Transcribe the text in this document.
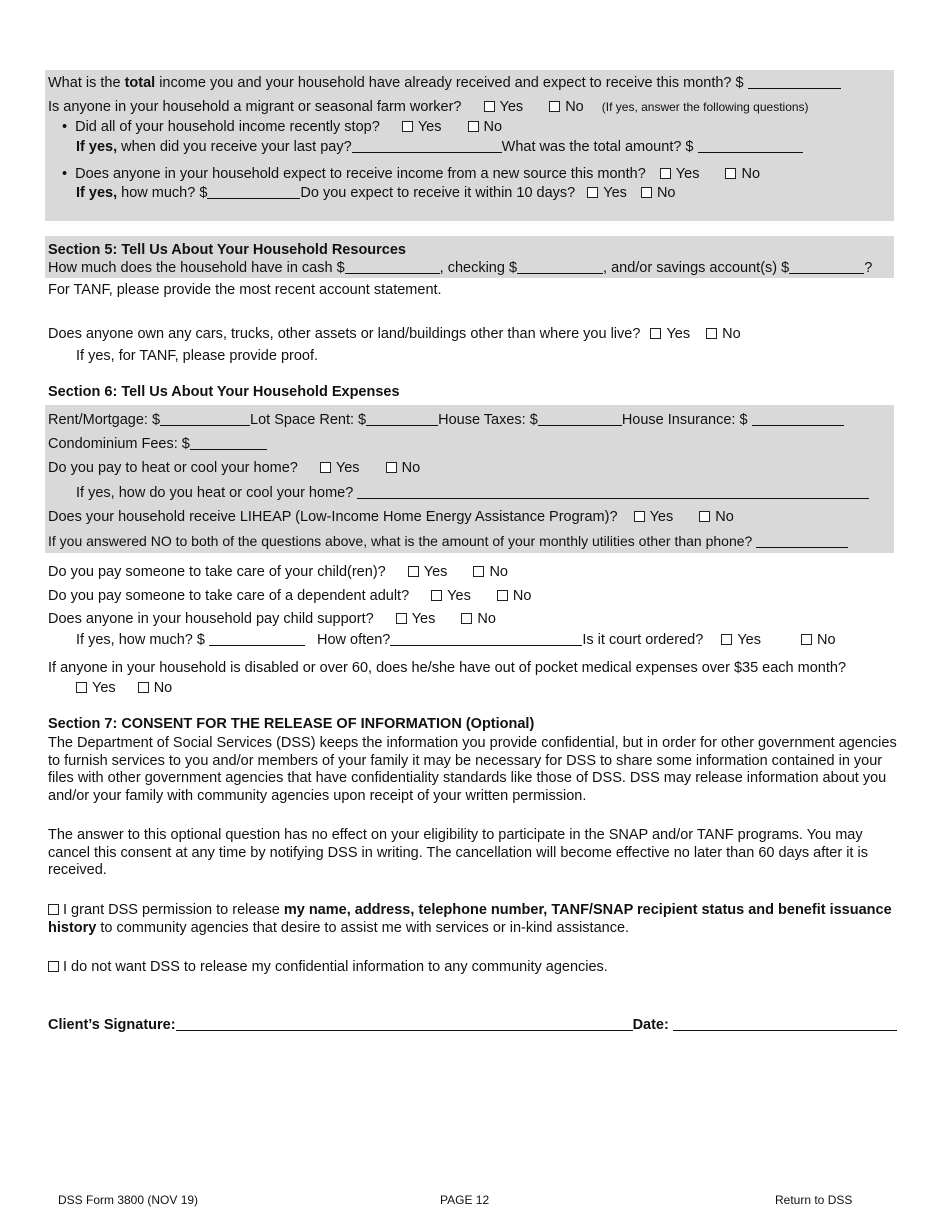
What is the total income you and your household have already received and expect to receive this month? $
Is anyone in your household a migrant or seasonal farm worker?	Yes	No (If yes, answer the following questions)
• Did all of your household income recently stop?	Yes	No
If yes, when did you receive your last pay?	What was the total amount? $
• Does anyone in your household expect to receive income from a new source this month? Yes	No
If yes, how much? $	Do you expect to receive it within 10 days? Yes No
Section 5: Tell Us About Your Household Resources
How much does the household have in cash $	, checking $	, and/or savings account(s) $	?
For TANF, please provide the most recent account statement.
Does anyone own any cars, trucks, other assets or land/buildings other than where you live? Yes No
If yes, for TANF, please provide proof.
Section 6: Tell Us About Your Household Expenses
Rent/Mortgage: $	Lot Space Rent: $	House Taxes: $	House Insurance: $
Condominium Fees: $
Do you pay to heat or cool your home?	Yes	No
If yes, how do you heat or cool your home?
Does your household receive LIHEAP (Low-Income Home Energy Assistance Program)? Yes	No
If you answered NO to both of the questions above, what is the amount of your monthly utilities other than phone?
Do you pay someone to take care of your child(ren)?	Yes	No
Do you pay someone to take care of a dependent adult?	Yes	No
Does anyone in your household pay child support?	Yes	No
If yes, how much? $	How often?	Is it court ordered? Yes	No
If anyone in your household is disabled or over 60, does he/she have out of pocket medical expenses over $35 each month?
Yes	No
Section 7: CONSENT FOR THE RELEASE OF INFORMATION (Optional)
The Department of Social Services (DSS) keeps the information you provide confidential, but in order for other government agencies to furnish services to you and/or members of your family it may be necessary for DSS to share some information contained in your files with other government agencies that have confidentiality standards like those of DSS. DSS may release information about you and/or your family with community agencies upon receipt of your written permission.
The answer to this optional question has no effect on your eligibility to participate in the SNAP and/or TANF programs. You may cancel this consent at any time by notifying DSS in writing. The cancellation will become effective no later than 60 days after it is received.
I grant DSS permission to release my name, address, telephone number, TANF/SNAP recipient status and benefit issuance history to community agencies that desire to assist me with services or in-kind assistance.
I do not want DSS to release my confidential information to any community agencies.
Client’s Signature:	Date:
DSS Form 3800 (NOV 19)	PAGE 12	Return to DSS
